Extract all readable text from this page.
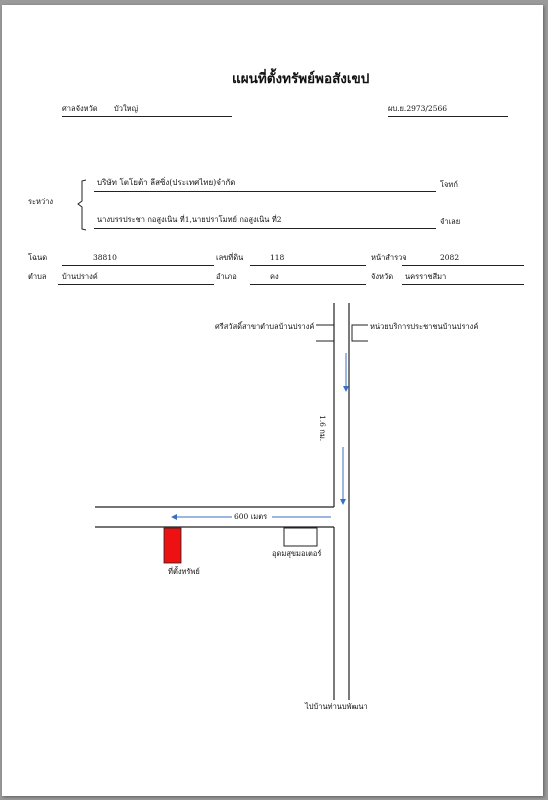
แผนที่ตั้งทรัพย์พอสังเขป
ศาลจังหวัด บัวใหญ่	ผบ.ย.2973/2566
ระหว่าง
บริษัท โตโยต้า ลีสซิ่ง(ประเทศไทย)จำกัด	โจทก์
นางบรรประชา กอสูงเนิน ที่1,นายปราโมทย์ กอสูงเนิน ที่2	จำเลย
โฉนด	38810	เลขที่ดิน	118	หน้าสำรวจ	2082
ตำบล บ้านปรางค์	อำเภอ	คง	จังหวัด นครราชสีมา
ศรีสวัสดิ์สาขาตำบลบ้านปรางค์	หน่วยบริการประชาชนบ้านปรางค์
1.6 กม.
600 เมตร
อุดมสุขมอเตอร์
ที่ตั้งทรัพย์
ไปบ้านท่านบพัฒนา
